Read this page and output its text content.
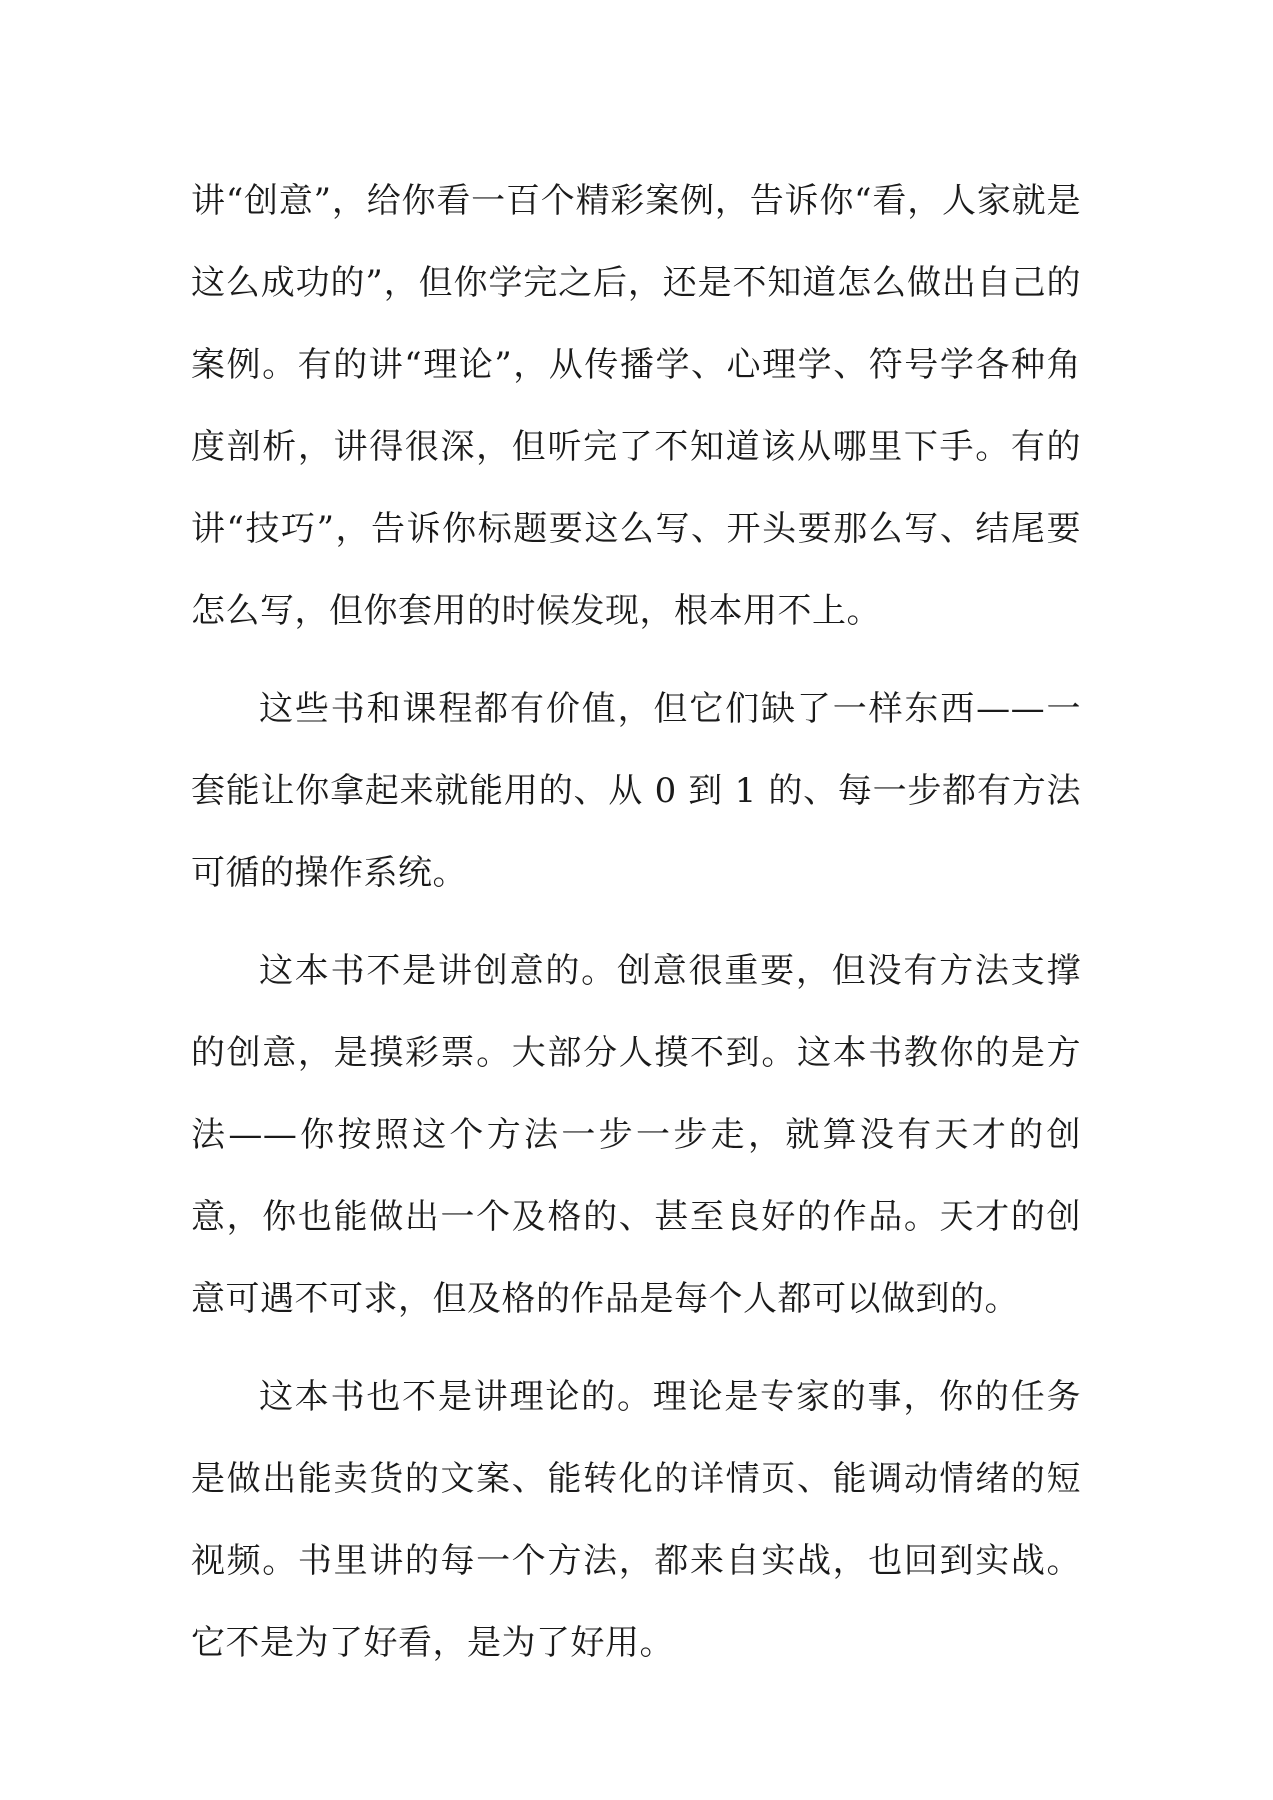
讲“创意”，给你看一百个精彩案例，告诉你“看，人家就是这么成功的”，但你学完之后，还是不知道怎么做出自己的案例。有的讲“理论”，从传播学、心理学、符号学各种角度剖析，讲得很深，但听完了不知道该从哪里下手。有的讲“技巧”，告诉你标题要这么写、开头要那么写、结尾要怎么写，但你套用的时候发现，根本用不上。

这些书和课程都有价值，但它们缺了一样东西——一套能让你拿起来就能用的、从 0 到 1 的、每一步都有方法可循的操作系统。

这本书不是讲创意的。创意很重要，但没有方法支撑的创意，是摸彩票。大部分人摸不到。这本书教你的是方法——你按照这个方法一步一步走，就算没有天才的创意，你也能做出一个及格的、甚至良好的作品。天才的创意可遇不可求，但及格的作品是每个人都可以做到的。

这本书也不是讲理论的。理论是专家的事，你的任务是做出能卖货的文案、能转化的详情页、能调动情绪的短视频。书里讲的每一个方法，都来自实战，也回到实战。它不是为了好看，是为了好用。
